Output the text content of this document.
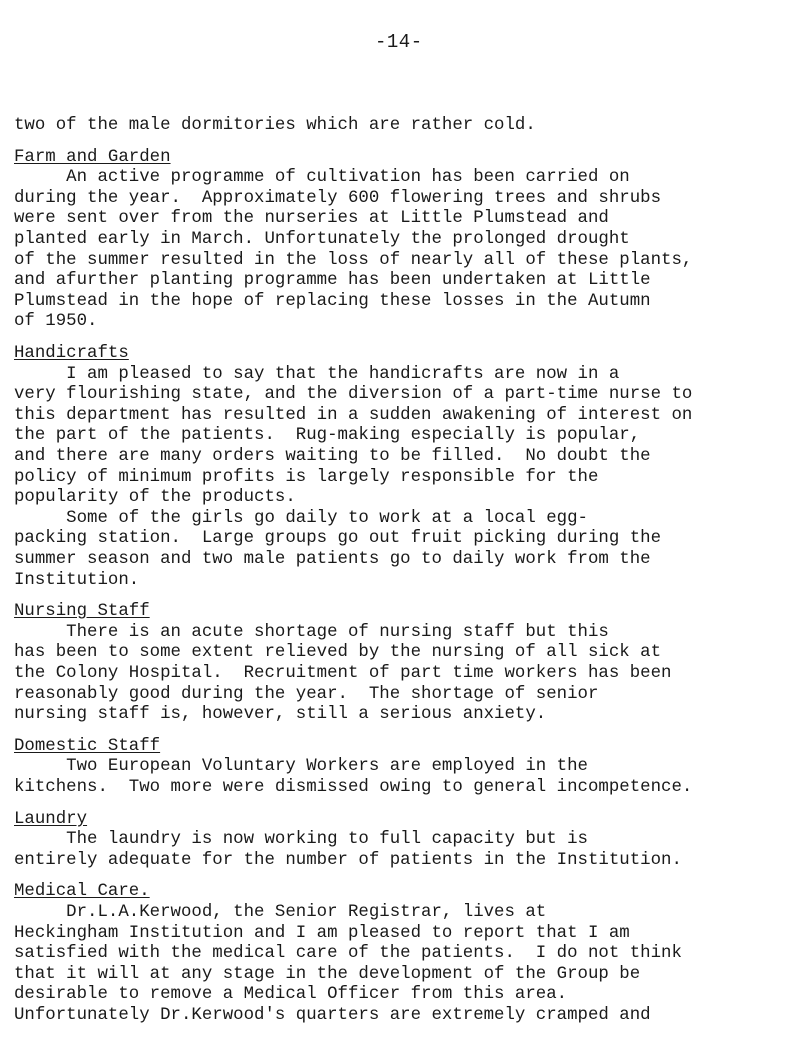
-14-
two of the male dormitories which are rather cold.
Farm and Garden
An active programme of cultivation has been carried on
during the year.  Approximately 600 flowering trees and shrubs
were sent over from the nurseries at Little Plumstead and
planted early in March. Unfortunately the prolonged drought
of the summer resulted in the loss of nearly all of these plants,
and afurther planting programme has been undertaken at Little
Plumstead in the hope of replacing these losses in the Autumn
of 1950.
Handicrafts
I am pleased to say that the handicrafts are now in a
very flourishing state, and the diversion of a part-time nurse to
this department has resulted in a sudden awakening of interest on
the part of the patients.  Rug-making especially is popular,
and there are many orders waiting to be filled.  No doubt the
policy of minimum profits is largely responsible for the
popularity of the products.
Some of the girls go daily to work at a local egg-
packing station.  Large groups go out fruit picking during the
summer season and two male patients go to daily work from the
Institution.
Nursing Staff
There is an acute shortage of nursing staff but this
has been to some extent relieved by the nursing of all sick at
the Colony Hospital.  Recruitment of part time workers has been
reasonably good during the year.  The shortage of senior
nursing staff is, however, still a serious anxiety.
Domestic Staff
Two European Voluntary Workers are employed in the
kitchens.  Two more were dismissed owing to general incompetence.
Laundry
The laundry is now working to full capacity but is
entirely adequate for the number of patients in the Institution.
Medical Care.
Dr.L.A.Kerwood, the Senior Registrar, lives at
Heckingham Institution and I am pleased to report that I am
satisfied with the medical care of the patients.  I do not think
that it will at any stage in the development of the Group be
desirable to remove a Medical Officer from this area.
Unfortunately Dr.Kerwood's quarters are extremely cramped and
